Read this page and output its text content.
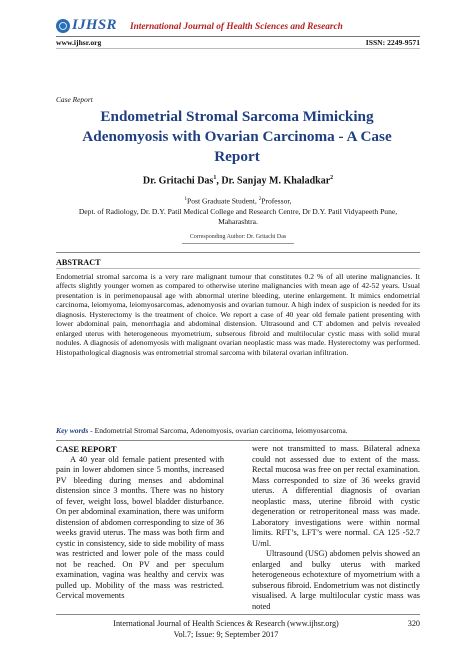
IJHSR International Journal of Health Sciences and Research
www.ijhsr.org	ISSN: 2249-9571
Case Report
Endometrial Stromal Sarcoma Mimicking Adenomyosis with Ovarian Carcinoma - A Case Report
Dr. Gritachi Das$^1$, Dr. Sanjay M. Khaladkar$^2$
$^1$Post Graduate Student, $^2$Professor,
Dept. of Radiology, Dr. D.Y. Patil Medical College and Research Centre, Dr D.Y. Patil Vidyapeeth Pune, Maharashtra.
Corresponding Author: Dr. Gritachi Das
ABSTRACT
Endometrial stromal sarcoma is a very rare malignant tumour that constitutes 0.2 % of all uterine malignancies. It affects slightly younger women as compared to otherwise uterine malignancies with mean age of 42-52 years. Usual presentation is in perimenopausal age with abnormal uterine bleeding, uterine enlargement. It mimics endometrial carcinoma, leiomyoma, leiomyosarcomas, adenomyosis and ovarian tumour. A high index of suspicion is needed for its diagnosis. Hysterectomy is the treatment of choice. We report a case of 40 year old female patient presenting with lower abdominal pain, menorrhagia and abdominal distension. Ultrasound and CT abdomen and pelvis revealed enlarged uterus with heterogeneous myometrium, subserous fibroid and multilocular cystic mass with solid mural nodules. A diagnosis of adenomyosis with malignant ovarian neoplastic mass was made. Hysterectomy was performed. Histopathological diagnosis was entrometrial stromal sarcoma with bilateral ovarian infiltration.
Key words - Endometrial Stromal Sarcoma, Adenomyosis, ovarian carcinoma, leiomyosarcoma.
CASE REPORT

A 40 year old female patient presented with pain in lower abdomen since 5 months, increased PV bleeding during menses and abdominal distension since 3 months. There was no history of fever, weight loss, bowel bladder disturbance. On per abdominal examination, there was uniform distension of abdomen corresponding to size of 36 weeks gravid uterus. The mass was both firm and cystic in consistency, side to side mobility of mass was restricted and lower pole of the mass could not be reached. On PV and per speculum examination, vagina was healthy and cervix was pulled up. Mobility of the mass was restricted. Cervical movements

were not transmitted to mass. Bilateral adnexa could not assessed due to extent of the mass. Rectal mucosa was free on per rectal examination. Mass corresponded to size of 36 weeks gravid uterus. A differential diagnosis of ovarian neoplastic mass, uterine fibroid with cystic degeneration or retroperitoneal mass was made. Laboratory investigations were within normal limits. RFT’s, LFT’s were normal. CA 125 -52.7 U/ml.

Ultrasound (USG) abdomen pelvis showed an enlarged and bulky uterus with marked heterogeneous echotexture of myometrium with a subserous fibroid. Endometrium was not distinctly visualised. A large multilocular cystic mass was noted

International Journal of Health Sciences & Research (www.ijhsr.org)
Vol.7; Issue: 9; September 2017
320
